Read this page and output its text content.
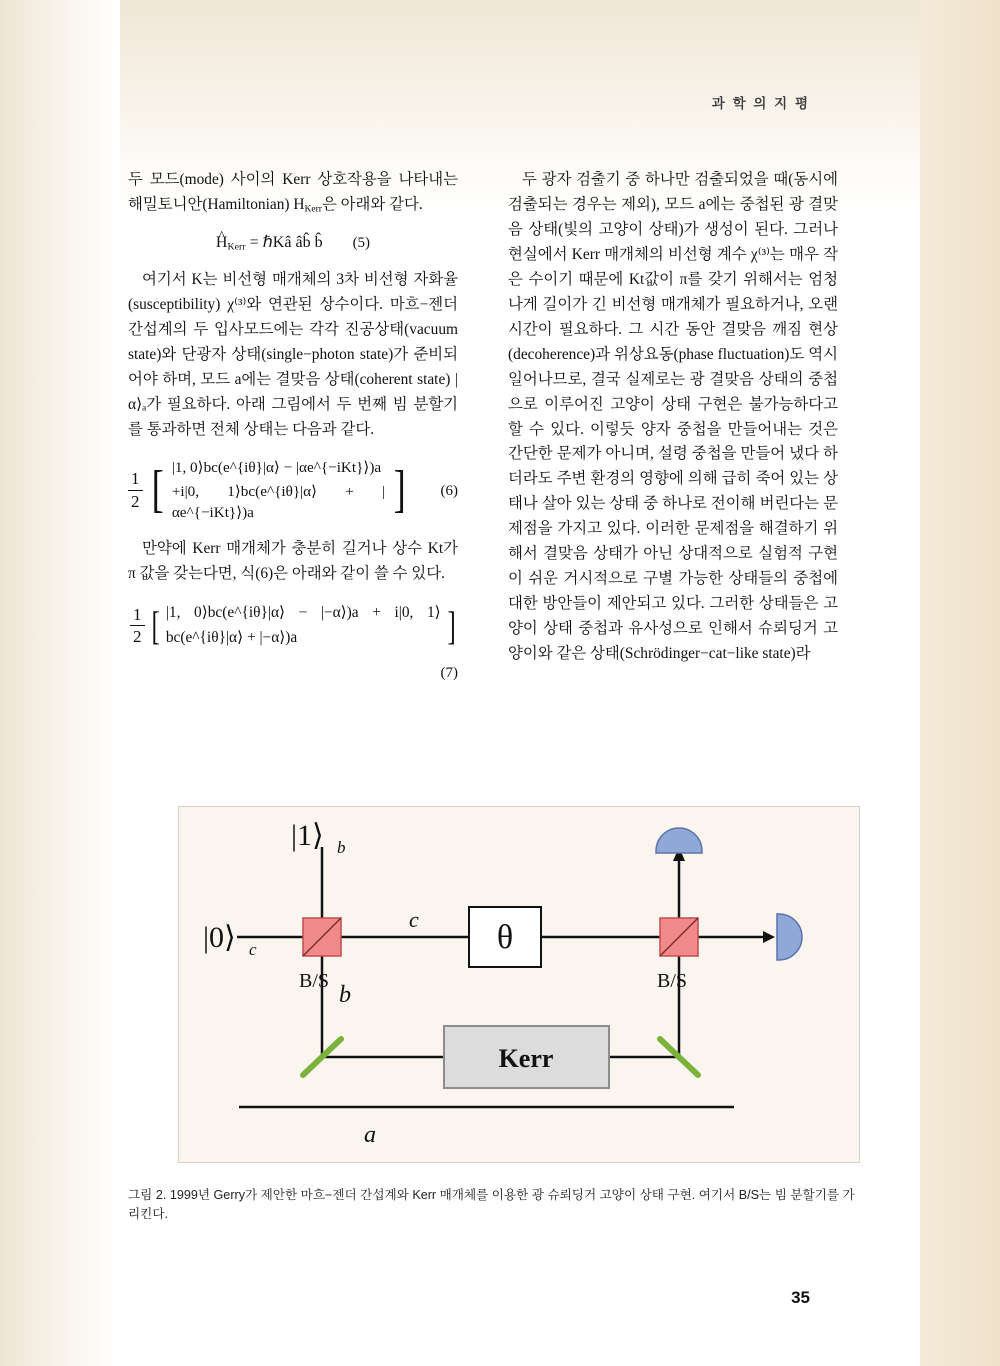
과 학 의 지 평

두 모드(mode) 사이의 Kerr 상호작용을 나타내는 해밀토니안(Hamiltonian) $H_{Kerr}$은 아래와 같다.

H $\^{}_{Kerr}$ = ℏKâ âb̂ b̂ (5)

여기서 K는 비선형 매개체의 3차 비선형 자화율(susceptibility) χ⁽³⁾와 연관된 상수이다. 마흐−젠더 간섭계의 두 입사모드에는 각각 진공상태(vacuum state)와 단광자 상태(single−photon state)가 준비되어야 하며, 모드 a에는 결맞음 상태(coherent state) |α⟩ₐ가 필요하다. 아래 그림에서 두 번째 빔 분할기를 통과하면 전체 상태는 다음과 같다.

$\frac{1}{2}$ [ |1, 0⟩bc(e^{iθ}|α⟩ − |αe^{−iKt}⟩)a
+i|0, 1⟩bc(e^{iθ}|α⟩ + |αe^{−iKt}⟩)a	] (6)

만약에 Kerr 매개체가 충분히 길거나 상수 Kt가 π 값을 갖는다면, 식(6)은 아래와 같이 쓸 수 있다.

$\frac{1}{2}$ [ |1, 0⟩bc(e^{iθ}|α⟩ − |−α⟩)a + i|0, 1⟩bc(e^{iθ}|α⟩ + |−α⟩)a	]
(7)

두 광자 검출기 중 하나만 검출되었을 때(동시에 검출되는 경우는 제외), 모드 a에는 중첩된 광 결맞음 상태(빛의 고양이 상태)가 생성이 된다. 그러나 현실에서 Kerr 매개체의 비선형 계수 χ⁽³⁾는 매우 작은 수이기 때문에 Kt값이 π를 갖기 위해서는 엄청나게 길이가 긴 비선형 매개체가 필요하거나, 오랜 시간이 필요하다. 그 시간 동안 결맞음 깨짐 현상(decoherence)과 위상요동(phase fluctuation)도 역시 일어나므로, 결국 실제로는 광 결맞음 상태의 중첩으로 이루어진 고양이 상태 구현은 불가능하다고 할 수 있다. 이렇듯 양자 중첩을 만들어내는 것은 간단한 문제가 아니며, 설령 중첩을 만들어 냈다 하더라도 주변 환경의 영향에 의해 급히 죽어 있는 상태나 살아 있는 상태 중 하나로 전이해 버린다는 문제점을 가지고 있다. 이러한 문제점을 해결하기 위해서 결맞음 상태가 아닌 상대적으로 실험적 구현이 쉬운 거시적으로 구별 가능한 상태들의 중첩에 대한 방안들이 제안되고 있다. 그러한 상태들은 고양이 상태 중첩과 유사성으로 인해서 슈뢰딩거 고양이와 같은 상태(Schrödinger−cat−like state)라

θ
Kerr
|0⟩ c
|1⟩ b
c
b
a
B/S	B/S
그림 2. 1999년 Gerry가 제안한 마흐−젠더 간섭계와 Kerr 매개체를 이용한 광 슈뢰딩거 고양이 상태 구현. 여기서 B/S는 빔 분할기를 가리킨다.
35
